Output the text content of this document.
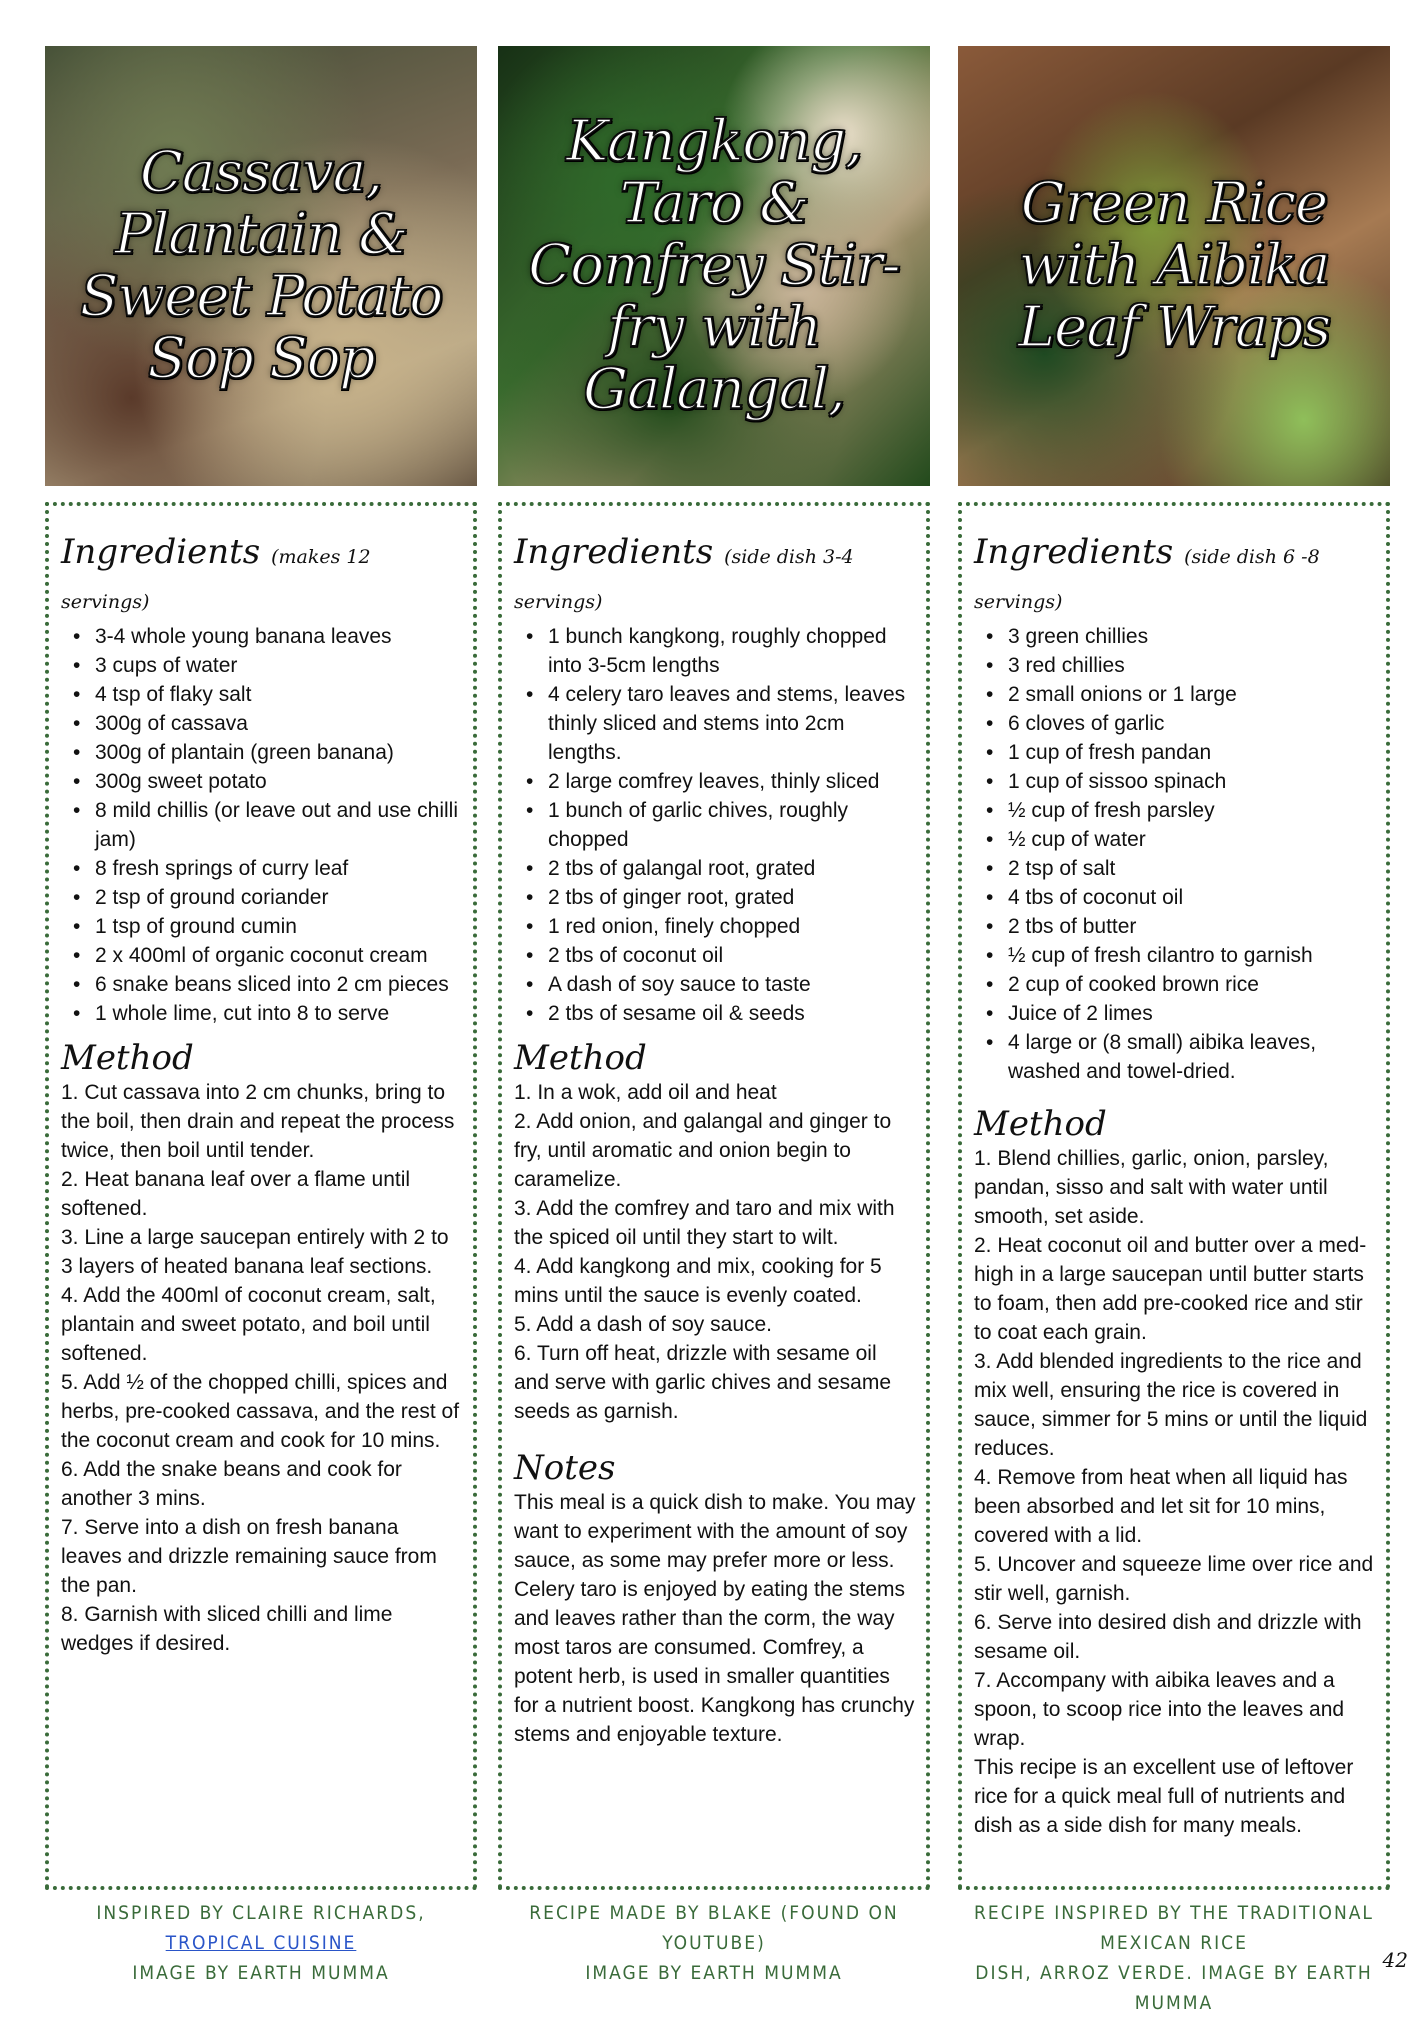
Cassava, Plantain & Sweet Potato Sop Sop
Ingredients (makes 12 servings)
• 3-4 whole young banana leaves
• 3 cups of water
• 4 tsp of flaky salt
• 300g of cassava
• 300g of plantain (green banana)
• 300g sweet potato
• 8 mild chillis (or leave out and use chilli jam)
• 8 fresh springs of curry leaf
• 2 tsp of ground coriander
• 1 tsp of ground cumin
• 2 x 400ml of organic coconut cream
• 6 snake beans sliced into 2 cm pieces
• 1 whole lime, cut into 8 to serve
Method

1. Cut cassava into 2 cm chunks, bring to the boil, then drain and repeat the process twice, then boil until tender.

2. Heat banana leaf over a flame until softened.

3. Line a large saucepan entirely with 2 to 3 layers of heated banana leaf sections.

4. Add the 400ml of coconut cream, salt, plantain and sweet potato, and boil until softened.

5. Add ½ of the chopped chilli, spices and herbs, pre-cooked cassava, and the rest of the coconut cream and cook for 10 mins.

6. Add the snake beans and cook for another 3 mins.

7. Serve into a dish on fresh banana leaves and drizzle remaining sauce from the pan.

8. Garnish with sliced chilli and lime wedges if desired.

INSPIRED BY CLAIRE RICHARDS, TROPICAL CUISINE
IMAGE BY EARTH MUMMA
Kangkong, Taro & Comfrey Stir-fry with Galangal,
Ingredients (side dish 3-4 servings)
• 1 bunch kangkong, roughly chopped into 3-5cm lengths
• 4 celery taro leaves and stems, leaves thinly sliced and stems into 2cm lengths.
• 2 large comfrey leaves, thinly sliced
• 1 bunch of garlic chives, roughly chopped
• 2 tbs of galangal root, grated
• 2 tbs of ginger root, grated
• 1 red onion, finely chopped
• 2 tbs of coconut oil
• A dash of soy sauce to taste
• 2 tbs of sesame oil & seeds
Method

1. In a wok, add oil and heat

2. Add onion, and galangal and ginger to fry, until aromatic and onion begin to caramelize.

3. Add the comfrey and taro and mix with the spiced oil until they start to wilt.

4. Add kangkong and mix, cooking for 5 mins until the sauce is evenly coated.

5. Add a dash of soy sauce.

6. Turn off heat, drizzle with sesame oil and serve with garlic chives and sesame seeds as garnish.

Notes

This meal is a quick dish to make. You may want to experiment with the amount of soy sauce, as some may prefer more or less. Celery taro is enjoyed by eating the stems and leaves rather than the corm, the way most taros are consumed. Comfrey, a potent herb, is used in smaller quantities for a nutrient boost. Kangkong has crunchy stems and enjoyable texture.

RECIPE MADE BY BLAKE (FOUND ON YOUTUBE)
IMAGE BY EARTH MUMMA
Green Rice with Aibika Leaf Wraps
Ingredients (side dish 6 -8 servings)
• 3 green chillies
• 3 red chillies
• 2 small onions or 1 large
• 6 cloves of garlic
• 1 cup of fresh pandan
• 1 cup of sissoo spinach
• ½ cup of fresh parsley
• ½ cup of water
• 2 tsp of salt
• 4 tbs of coconut oil
• 2 tbs of butter
• ½ cup of fresh cilantro to garnish
• 2 cup of cooked brown rice
• Juice of 2 limes
• 4 large or (8 small) aibika leaves, washed and towel-dried.
Method

1. Blend chillies, garlic, onion, parsley, pandan, sisso and salt with water until smooth, set aside.

2. Heat coconut oil and butter over a med-high in a large saucepan until butter starts to foam, then add pre-cooked rice and stir to coat each grain.

3. Add blended ingredients to the rice and mix well, ensuring the rice is covered in sauce, simmer for 5 mins or until the liquid reduces.

4. Remove from heat when all liquid has been absorbed and let sit for 10 mins, covered with a lid.

5. Uncover and squeeze lime over rice and stir well, garnish.

6. Serve into desired dish and drizzle with sesame oil.

7. Accompany with aibika leaves and a spoon, to scoop rice into the leaves and wrap.

This recipe is an excellent use of leftover rice for a quick meal full of nutrients and dish as a side dish for many meals.

RECIPE INSPIRED BY THE TRADITIONAL MEXICAN RICE
DISH, ARROZ VERDE. IMAGE BY EARTH MUMMA
42
